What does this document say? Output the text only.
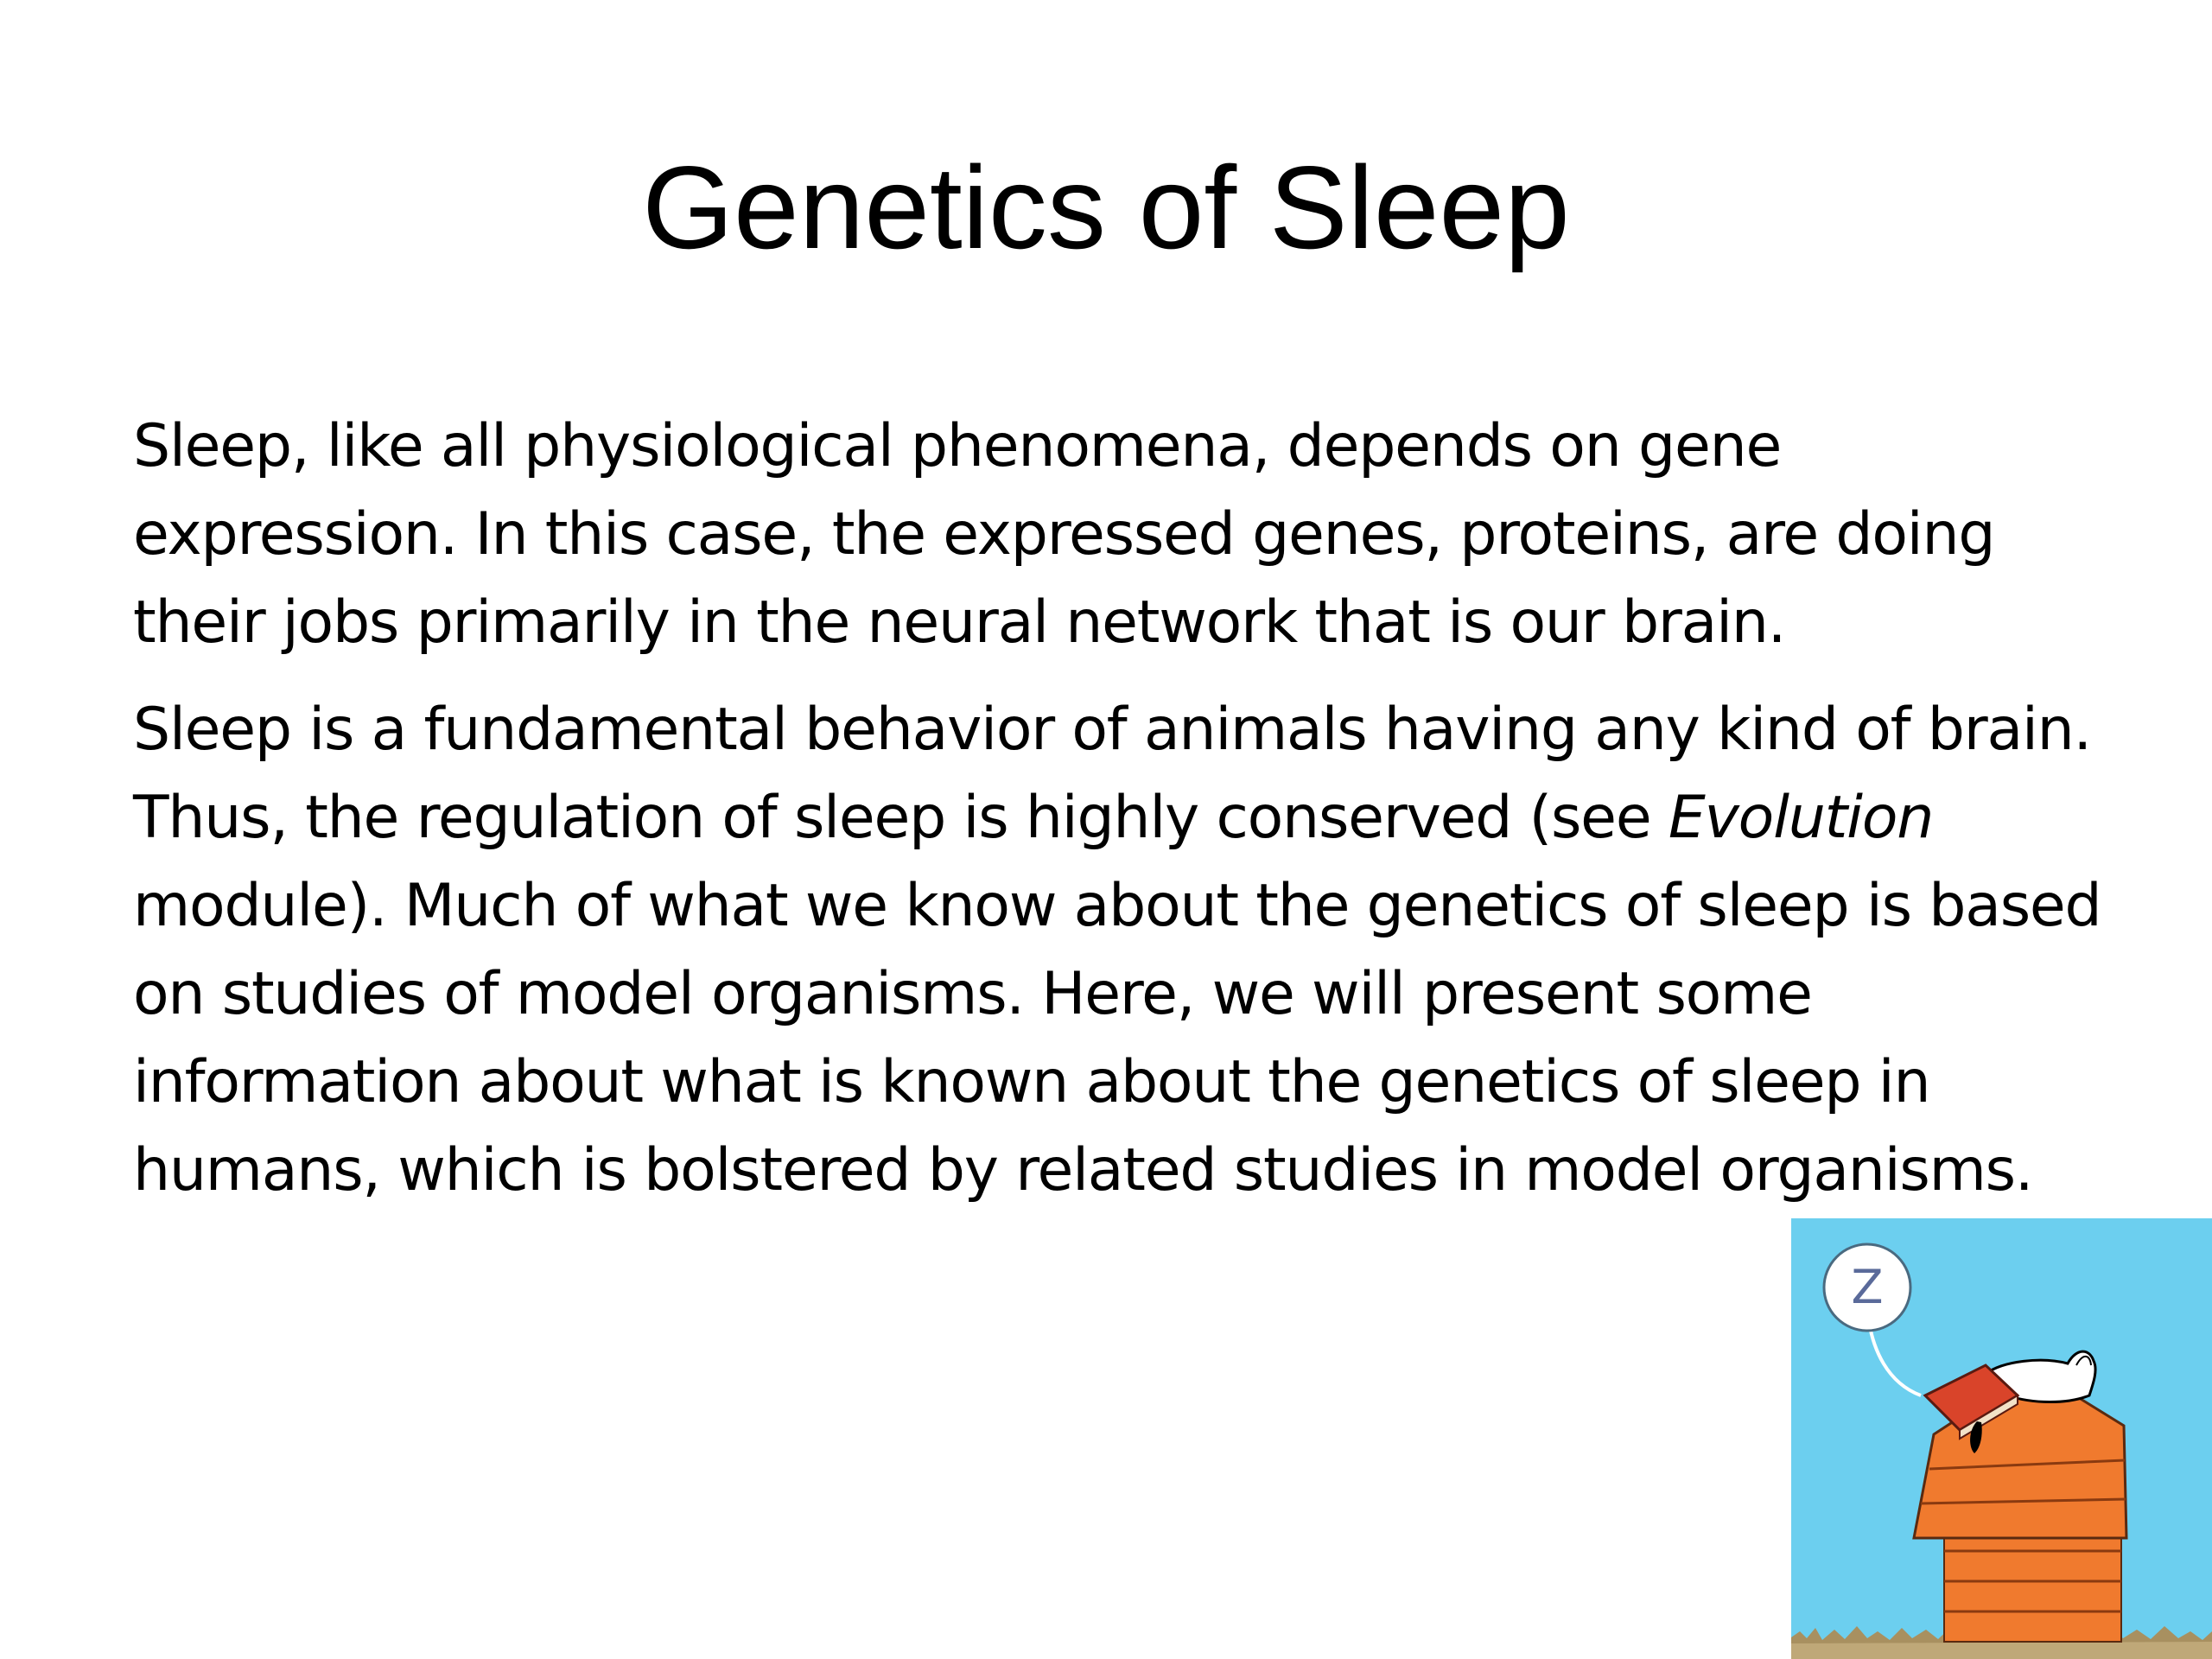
Genetics of Sleep

Sleep, like all physiological phenomena, depends on gene expression. In this case, the expressed genes, proteins, are doing their jobs primarily in the neural network that is our brain.

Sleep is a fundamental behavior of animals having any kind of brain. Thus, the regulation of sleep is highly conserved (see Evolution module). Much of what we know about the genetics of sleep is based on studies of model organisms. Here, we will present some information about what is known about the genetics of sleep in humans, which is bolstered by related studies in model organisms.

Z
